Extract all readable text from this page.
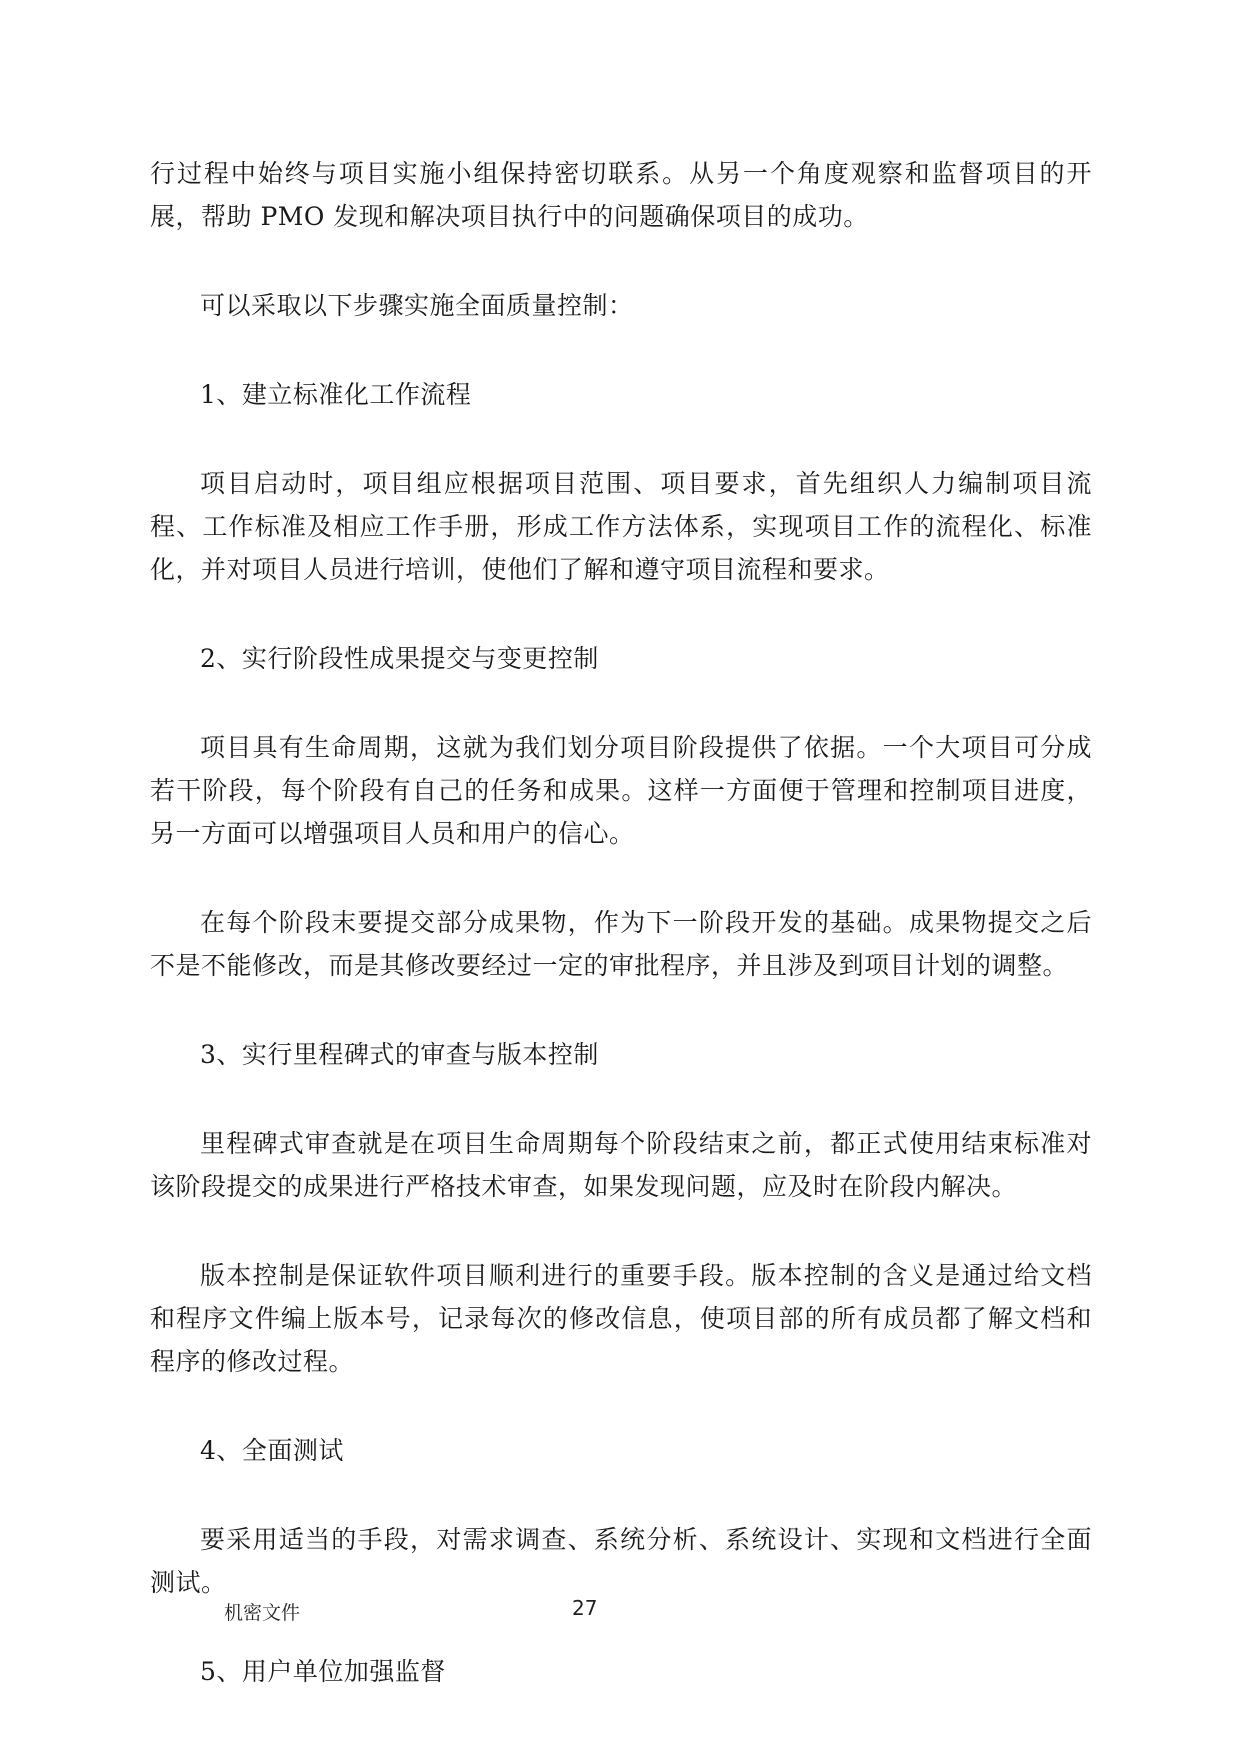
行过程中始终与项目实施小组保持密切联系。从另一个角度观察和监督项目的开展，帮助 PMO 发现和解决项目执行中的问题确保项目的成功。

可以采取以下步骤实施全面质量控制：

1、建立标准化工作流程

项目启动时，项目组应根据项目范围、项目要求，首先组织人力编制项目流程、工作标准及相应工作手册，形成工作方法体系，实现项目工作的流程化、标准化，并对项目人员进行培训，使他们了解和遵守项目流程和要求。

2、实行阶段性成果提交与变更控制

项目具有生命周期，这就为我们划分项目阶段提供了依据。一个大项目可分成若干阶段，每个阶段有自己的任务和成果。这样一方面便于管理和控制项目进度，另一方面可以增强项目人员和用户的信心。

在每个阶段末要提交部分成果物，作为下一阶段开发的基础。成果物提交之后不是不能修改，而是其修改要经过一定的审批程序，并且涉及到项目计划的调整。

3、实行里程碑式的审查与版本控制

里程碑式审查就是在项目生命周期每个阶段结束之前，都正式使用结束标准对该阶段提交的成果进行严格技术审查，如果发现问题，应及时在阶段内解决。

版本控制是保证软件项目顺利进行的重要手段。版本控制的含义是通过给文档和程序文件编上版本号，记录每次的修改信息，使项目部的所有成员都了解文档和程序的修改过程。

4、全面测试

要采用适当的手段，对需求调查、系统分析、系统设计、实现和文档进行全面测试。

5、用户单位加强监督

机密文件	27
